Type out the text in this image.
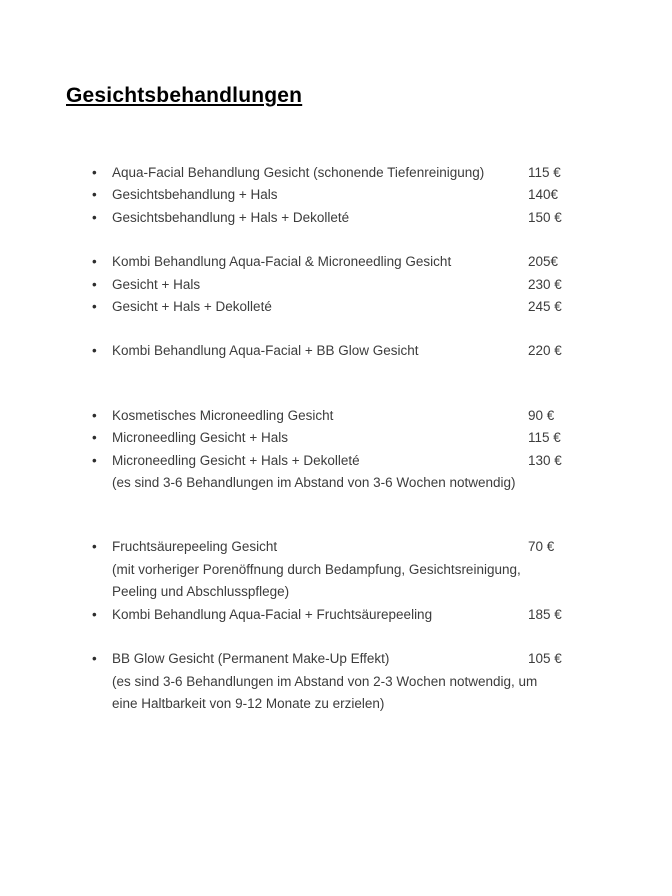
Gesichtsbehandlungen
•	Aqua-Facial Behandlung Gesicht (schonende Tiefenreinigung)	115 €
•	Gesichtsbehandlung + Hals	140€
•	Gesichtsbehandlung + Hals + Dekolleté	150 €
•	Kombi Behandlung Aqua-Facial & Microneedling Gesicht	205€
•	Gesicht + Hals	230 €
•	Gesicht + Hals + Dekolleté	245 €
•	Kombi Behandlung Aqua-Facial + BB Glow Gesicht	220 €
•	Kosmetisches Microneedling Gesicht	90 €
•	Microneedling Gesicht + Hals	115 €
•	Microneedling Gesicht + Hals + Dekolleté	130 €
(es sind 3-6 Behandlungen im Abstand von 3-6 Wochen notwendig)
•	Fruchtsäurepeeling Gesicht	70 €
(mit vorheriger Porenöffnung durch Bedampfung, Gesichtsreinigung,
Peeling und Abschlusspflege)
•	Kombi Behandlung Aqua-Facial + Fruchtsäurepeeling	185 €
•	BB Glow Gesicht (Permanent Make-Up Effekt)	105 €
(es sind 3-6 Behandlungen im Abstand von 2-3 Wochen notwendig, um
eine Haltbarkeit von 9-12 Monate zu erzielen)
